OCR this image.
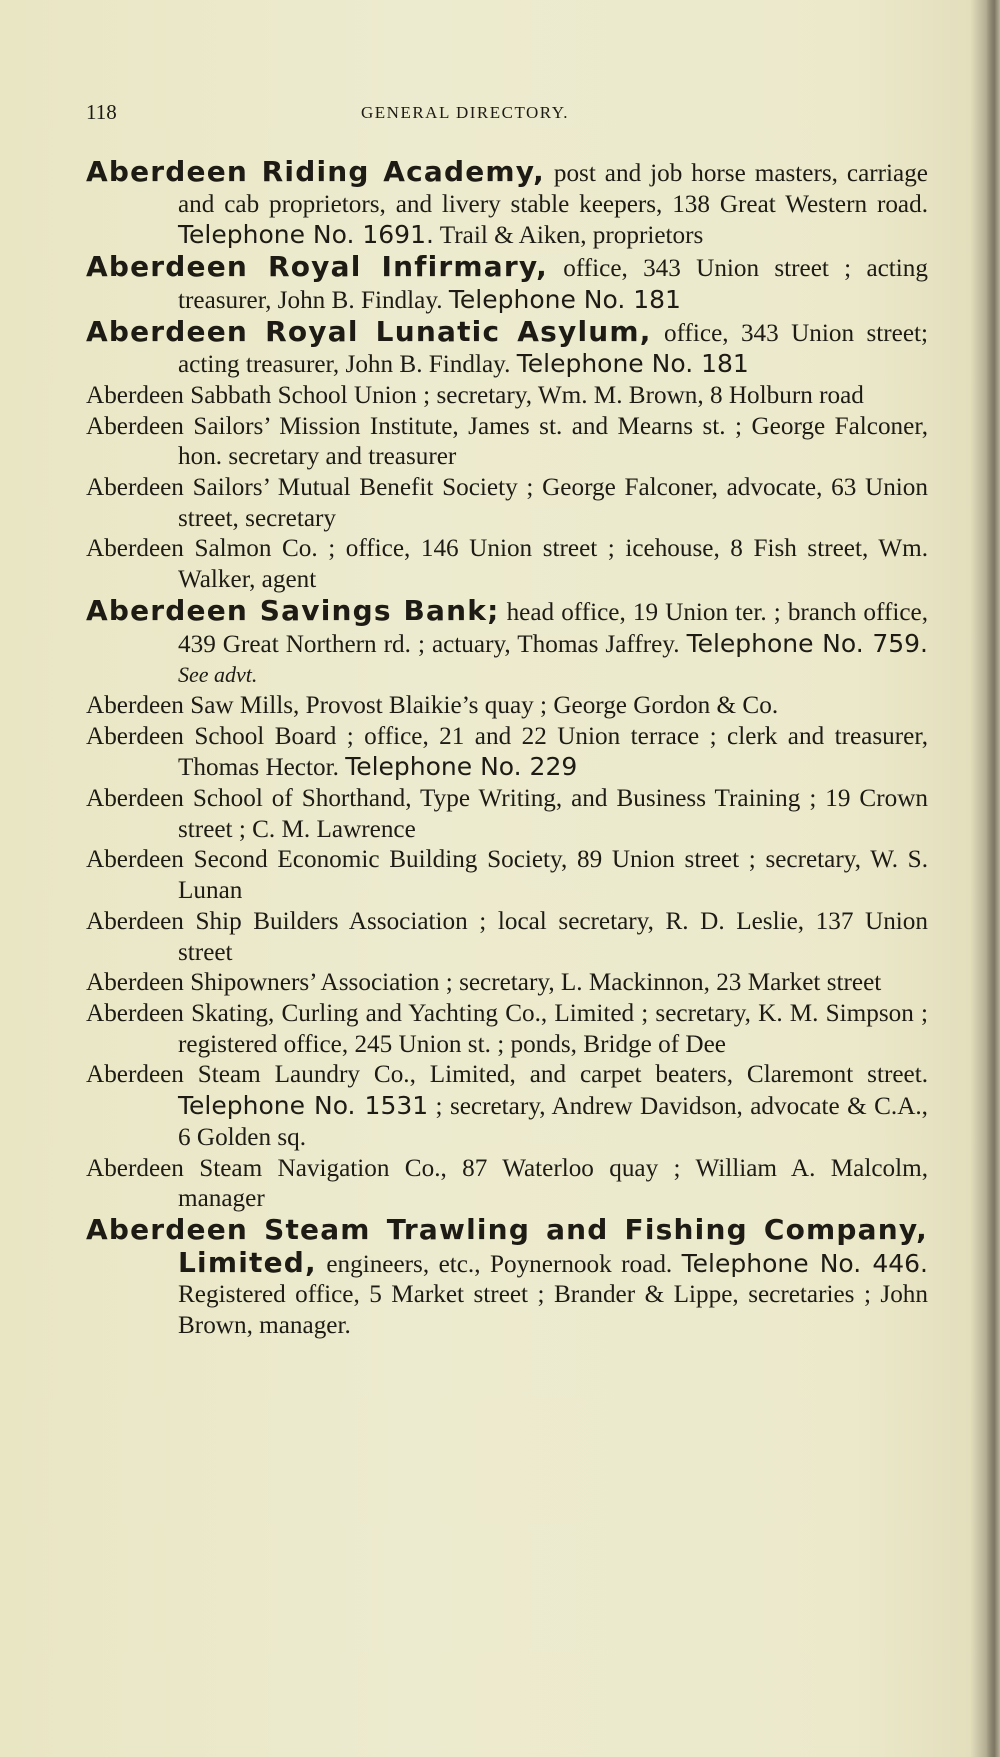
118	GENERAL DIRECTORY.

Aberdeen Riding Academy, post and job horse masters, carriage and cab proprietors, and livery stable keepers, 138 Great Western road. Telephone No. 1691. Trail & Aiken, proprietors

Aberdeen Royal Infirmary, office, 343 Union street ; acting treasurer, John B. Findlay. Telephone No. 181

Aberdeen Royal Lunatic Asylum, office, 343 Union street; acting treasurer, John B. Findlay. Telephone No. 181

Aberdeen Sabbath School Union ; secretary, Wm. M. Brown, 8 Holburn road

Aberdeen Sailors’ Mission Institute, James st. and Mearns st. ; George Falconer, hon. secretary and treasurer

Aberdeen Sailors’ Mutual Benefit Society ; George Falconer, advocate, 63 Union street, secretary

Aberdeen Salmon Co. ; office, 146 Union street ; icehouse, 8 Fish street, Wm. Walker, agent

Aberdeen Savings Bank; head office, 19 Union ter. ; branch office, 439 Great Northern rd. ; actuary, Thomas Jaffrey. Telephone No. 759. See advt.

Aberdeen Saw Mills, Provost Blaikie’s quay ; George Gordon & Co.

Aberdeen School Board ; office, 21 and 22 Union terrace ; clerk and treasurer, Thomas Hector. Telephone No. 229

Aberdeen School of Shorthand, Type Writing, and Business Training ; 19 Crown street ; C. M. Lawrence

Aberdeen Second Economic Building Society, 89 Union street ; secretary, W. S. Lunan

Aberdeen Ship Builders Association ; local secretary, R. D. Leslie, 137 Union street

Aberdeen Shipowners’ Association ; secretary, L. Mackinnon, 23 Market street

Aberdeen Skating, Curling and Yachting Co., Limited ; secretary, K. M. Simpson ; registered office, 245 Union st. ; ponds, Bridge of Dee

Aberdeen Steam Laundry Co., Limited, and carpet beaters, Claremont street. Telephone No. 1531 ; secretary, Andrew Davidson, advocate & C.A., 6 Golden sq.

Aberdeen Steam Navigation Co., 87 Waterloo quay ; William A. Malcolm, manager

Aberdeen Steam Trawling and Fishing Company, Limited, engineers, etc., Poynernook road. Telephone No. 446. Registered office, 5 Market street ; Brander & Lippe, secretaries ; John Brown, manager.
